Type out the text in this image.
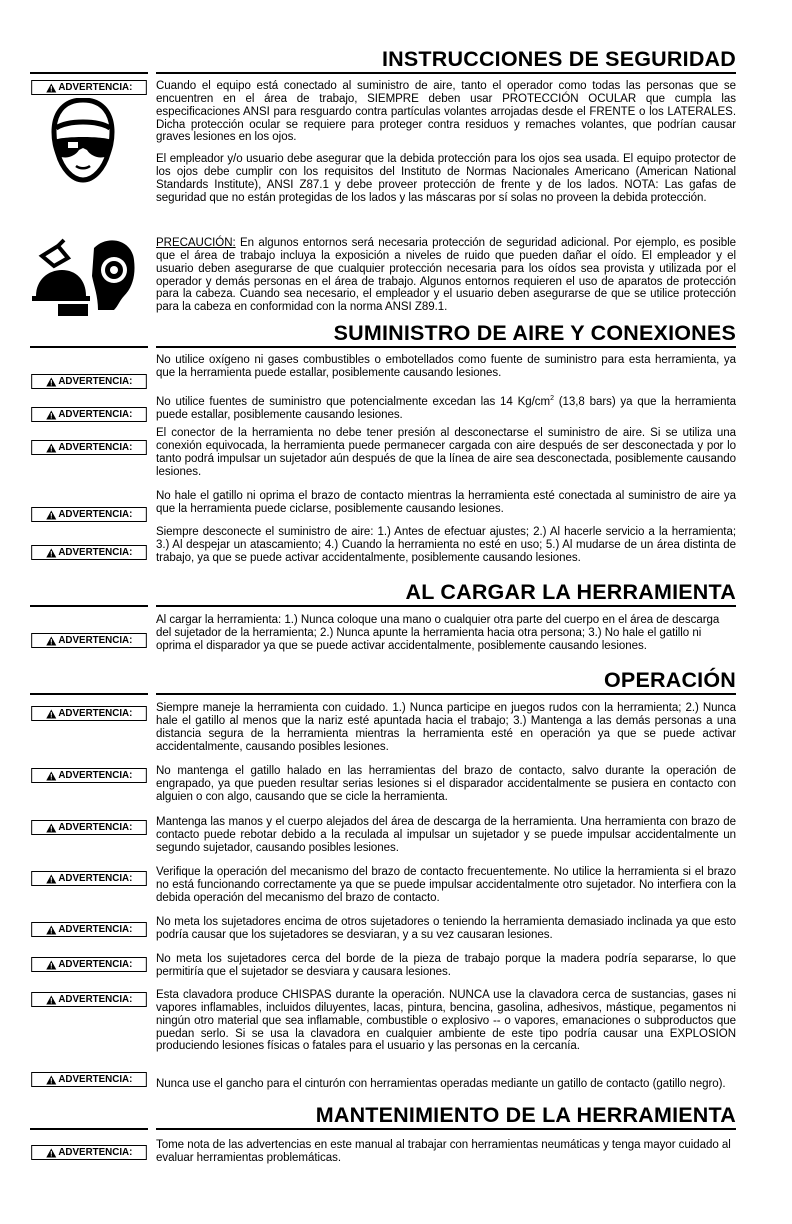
INSTRUCCIONES DE SEGURIDAD
ADVERTENCIA: Cuando el equipo está conectado al suministro de aire, tanto el operador como todas las personas que se encuentren en el área de trabajo, SIEMPRE deben usar PROTECCIÓN OCULAR que cumpla las especificaciones ANSI para resguardo contra partículas volantes arrojadas desde el FRENTE o los LATERALES. Dicha protección ocular se requiere para proteger contra residuos y remaches volantes, que podrían causar graves lesiones en los ojos.

El empleador y/o usuario debe asegurar que la debida protección para los ojos sea usada. El equipo protector de los ojos debe cumplir con los requisitos del Instituto de Normas Nacionales Americano (American National Standards Institute), ANSI Z87.1 y debe proveer protección de frente y de los lados. NOTA: Las gafas de seguridad que no están protegidas de los lados y las máscaras por sí solas no proveen la debida protección.

PRECAUCIÓN: En algunos entornos será necesaria protección de seguridad adicional. Por ejemplo, es posible que el área de trabajo incluya la exposición a niveles de ruido que pueden dañar el oído. El empleador y el usuario deben asegurarse de que cualquier protección necesaria para los oídos sea provista y utilizada por el operador y demás personas en el área de trabajo. Algunos entornos requieren el uso de aparatos de protección para la cabeza. Cuando sea necesario, el empleador y el usuario deben asegurarse de que se utilice protección para la cabeza en conformidad con la norma ANSI Z89.1.

SUMINISTRO DE AIRE Y CONEXIONES
ADVERTENCIA:

No utilice oxígeno ni gases combustibles o embotellados como fuente de suministro para esta herramienta, ya que la herramienta puede estallar, posiblemente causando lesiones.

ADVERTENCIA:

No utilice fuentes de suministro que potencialmente excedan las 14 $Kg/cm^2$ (13,8 bars) ya que la herramienta puede estallar, posiblemente causando lesiones.

ADVERTENCIA:

El conector de la herramienta no debe tener presión al desconectarse el suministro de aire. Si se utiliza una conexión equivocada, la herramienta puede permanecer cargada con aire después de ser desconectada y por lo tanto podrá impulsar un sujetador aún después de que la línea de aire sea desconectada, posiblemente causando lesiones.

ADVERTENCIA:

No hale el gatillo ni oprima el brazo de contacto mientras la herramienta esté conectada al suministro de aire ya que la herramienta puede ciclarse, posiblemente causando lesiones.

ADVERTENCIA:

Siempre desconecte el suministro de aire: 1.) Antes de efectuar ajustes; 2.) Al hacerle servicio a la herramienta; 3.) Al despejar un atascamiento; 4.) Cuando la herramienta no esté en uso; 5.) Al mudarse de un área distinta de trabajo, ya que se puede activar accidentalmente, posiblemente causando lesiones.

AL CARGAR LA HERRAMIENTA
ADVERTENCIA:

Al cargar la herramienta: 1.) Nunca coloque una mano o cualquier otra parte del cuerpo en el área de descarga del sujetador de la herramienta; 2.) Nunca apunte la herramienta hacia otra persona; 3.) No hale el gatillo ni oprima el disparador ya que se puede activar accidentalmente, posiblemente causando lesiones.

OPERACIÓN
ADVERTENCIA: Siempre maneje la herramienta con cuidado. 1.) Nunca participe en juegos rudos con la herramienta; 2.) Nunca hale el gatillo al menos que la nariz esté apuntada hacia el trabajo; 3.) Mantenga a las demás personas a una distancia segura de la herramienta mientras la herramienta esté en operación ya que se puede activar accidentalmente, causando posibles lesiones.

ADVERTENCIA: No mantenga el gatillo halado en las herramientas del brazo de contacto, salvo durante la operación de engrapado, ya que pueden resultar serias lesiones si el disparador accidentalmente se pusiera en contacto con alguien o con algo, causando que se cicle la herramienta.

ADVERTENCIA: Mantenga las manos y el cuerpo alejados del área de descarga de la herramienta. Una herramienta con brazo de contacto puede rebotar debido a la reculada al impulsar un sujetador y se puede impulsar accidentalmente un segundo sujetador, causando posibles lesiones.

ADVERTENCIA:

Verifique la operación del mecanismo del brazo de contacto frecuentemente. No utilice la herramienta si el brazo no está funcionando correctamente ya que se puede impulsar accidentalmente otro sujetador. No interfiera con la debida operación del mecanismo del brazo de contacto.

ADVERTENCIA:

No meta los sujetadores encima de otros sujetadores o teniendo la herramienta demasiado inclinada ya que esto podría causar que los sujetadores se desviaran, y a su vez causaran lesiones.

ADVERTENCIA: No meta los sujetadores cerca del borde de la pieza de trabajo porque la madera podría separarse, lo que permitiría que el sujetador se desviara y causara lesiones.

ADVERTENCIA: Esta clavadora produce CHISPAS durante la operación. NUNCA use la clavadora cerca de sustancias, gases ni vapores inflamables, incluidos diluyentes, lacas, pintura, bencina, gasolina, adhesivos, mástique, pegamentos ni ningún otro material que sea inflamable, combustible o explosivo -- o vapores, emanaciones o subproductos que puedan serlo. Si se usa la clavadora en cualquier ambiente de este tipo podría causar una EXPLOSION produciendo lesiones físicas o fatales para el usuario y las personas en la cercanía.

ADVERTENCIA: Nunca use el gancho para el cinturón con herramientas operadas mediante un gatillo de contacto (gatillo negro).

MANTENIMIENTO DE LA HERRAMIENTA
ADVERTENCIA:

Tome nota de las advertencias en este manual al trabajar con herramientas neumáticas y tenga mayor cuidado al evaluar herramientas problemáticas.
